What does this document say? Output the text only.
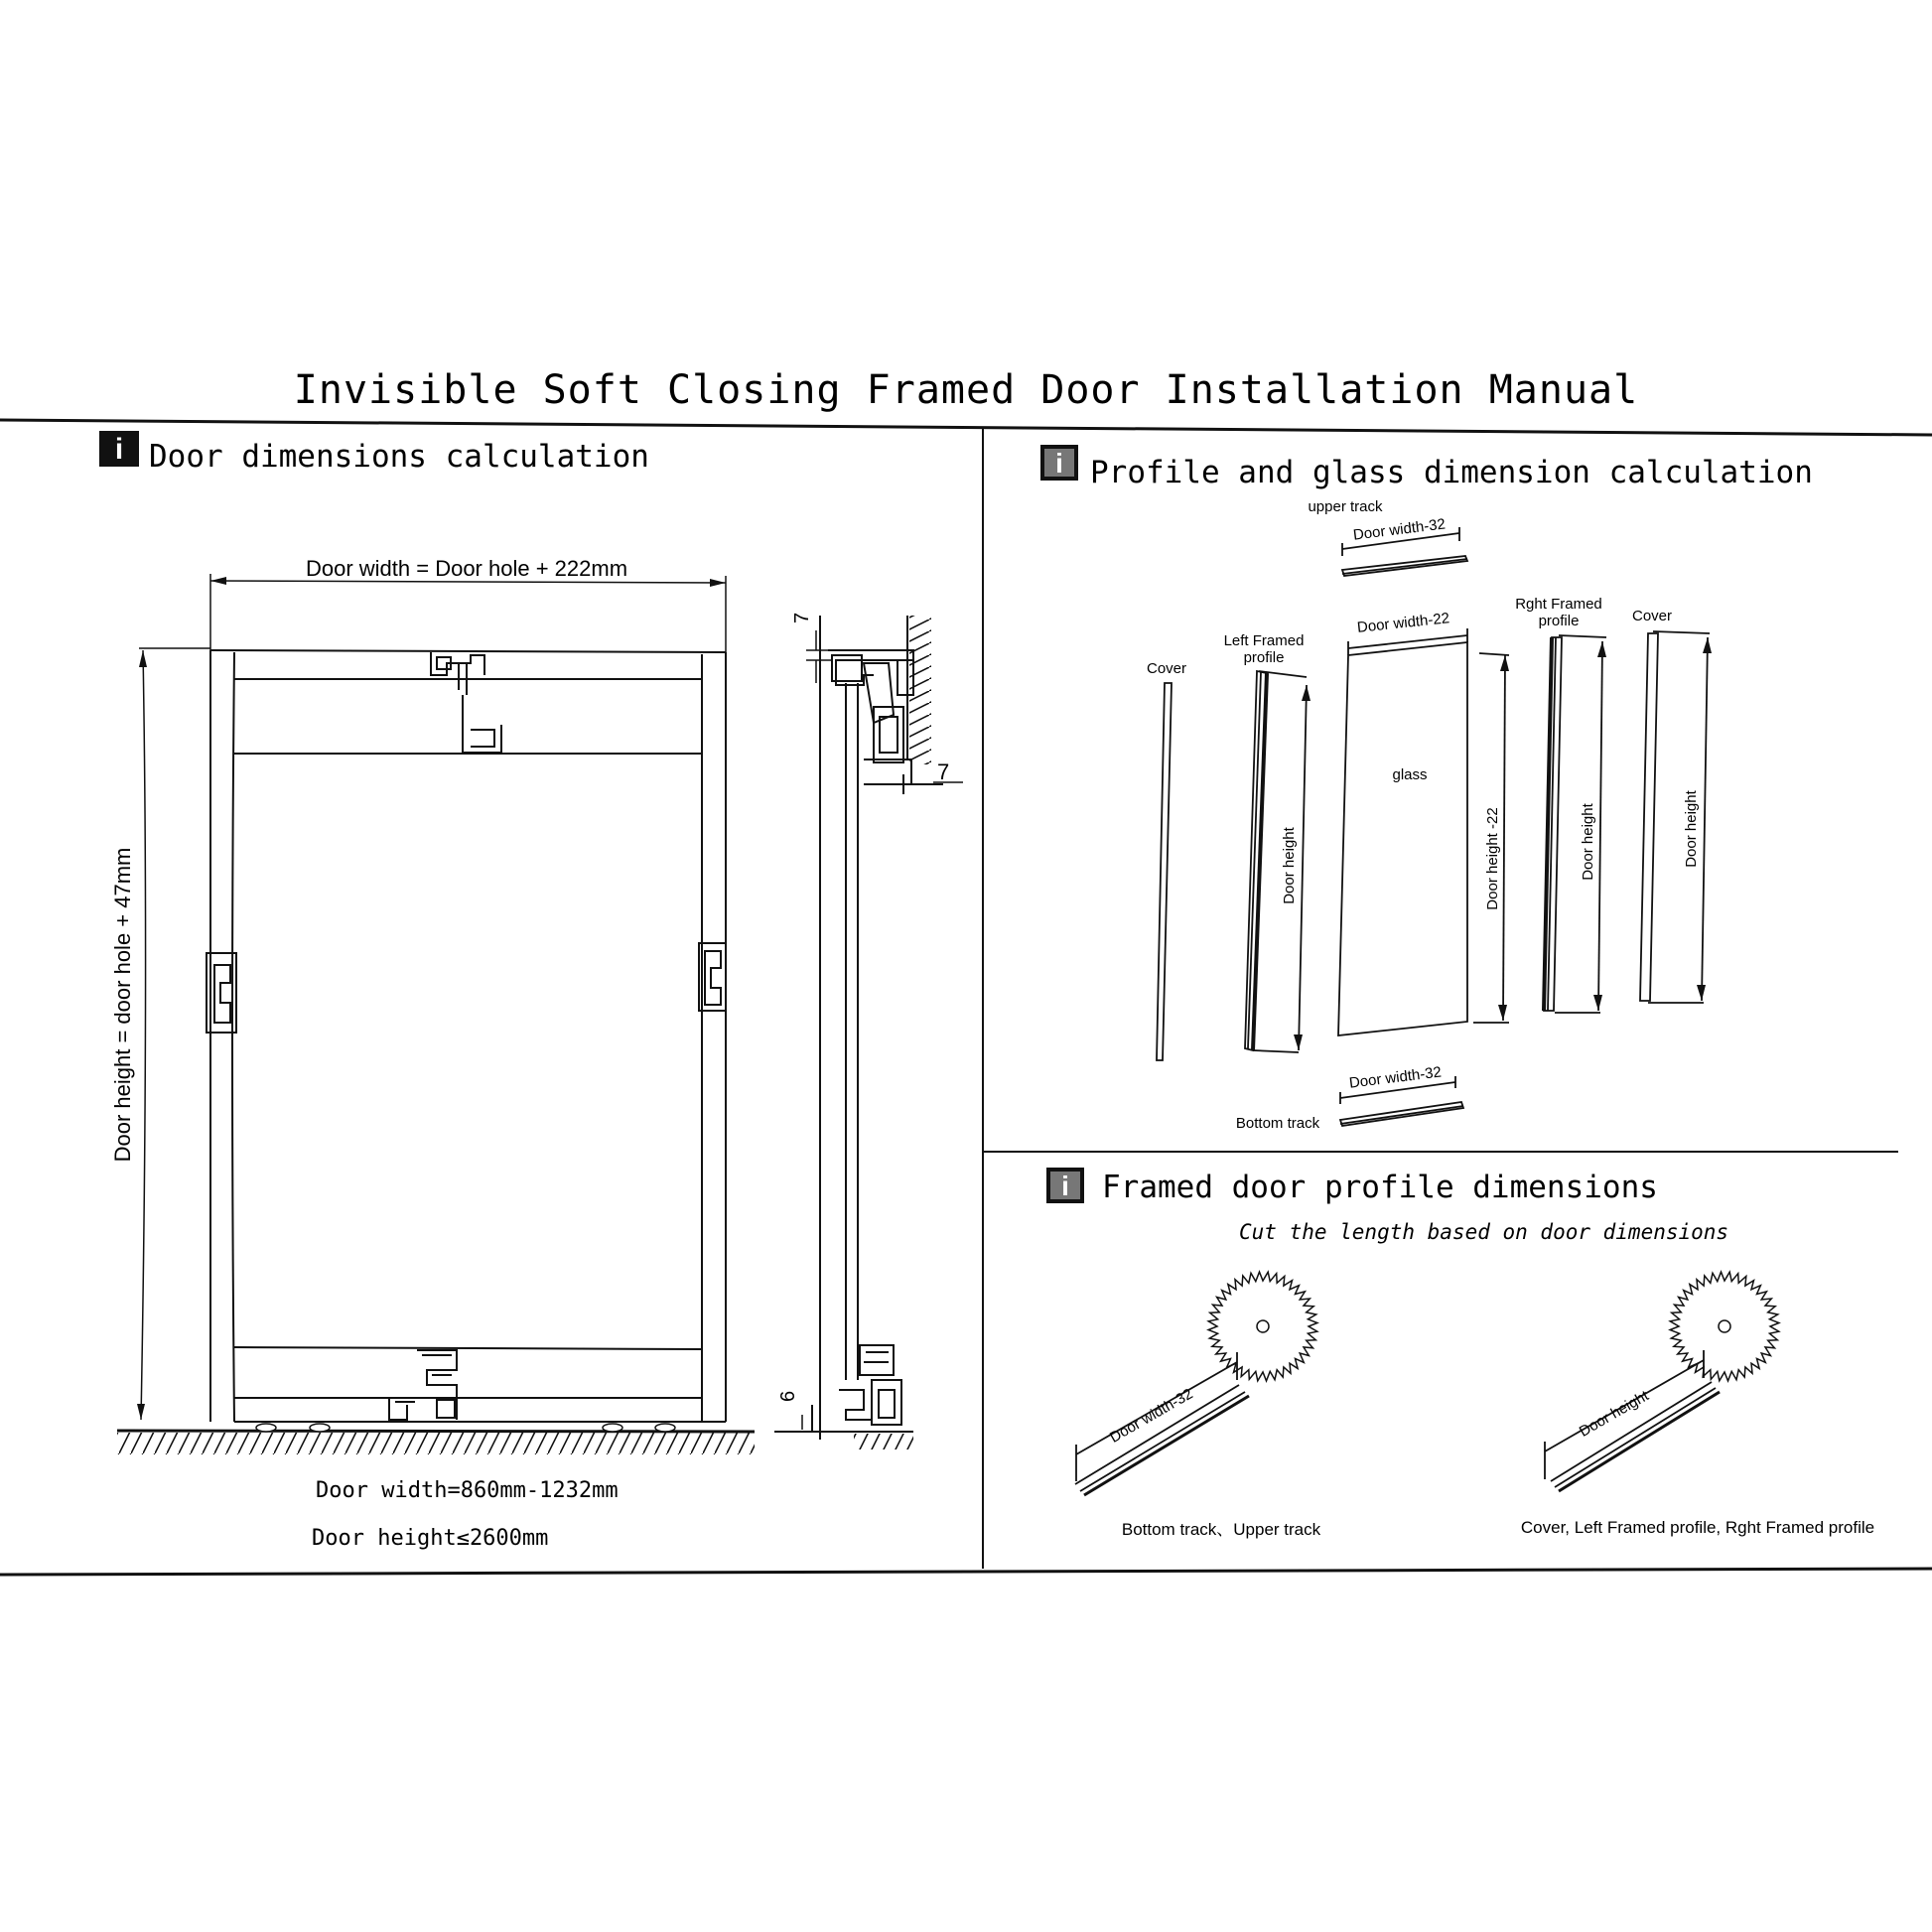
Invisible Soft Closing Framed Door Installation Manual
i Door dimensions calculation
Door width = Door hole + 222mm
Door height = door hole + 47mm
Door width=860mm-1232mm
Door height≤2600mm
7
7
6
i Profile and glass dimension calculation
upper track
Door width-32
Cover
Left Framed
profile
Door height
Door width-22
glass
Door height -22
Rght Framed
profile
Door height
Cover
Door height
Door width-32
Bottom track
i Framed door profile dimensions
Cut the length based on door dimensions
Door width-32
Bottom track、Upper track
Door height
Cover, Left Framed profile, Rght Framed profile
